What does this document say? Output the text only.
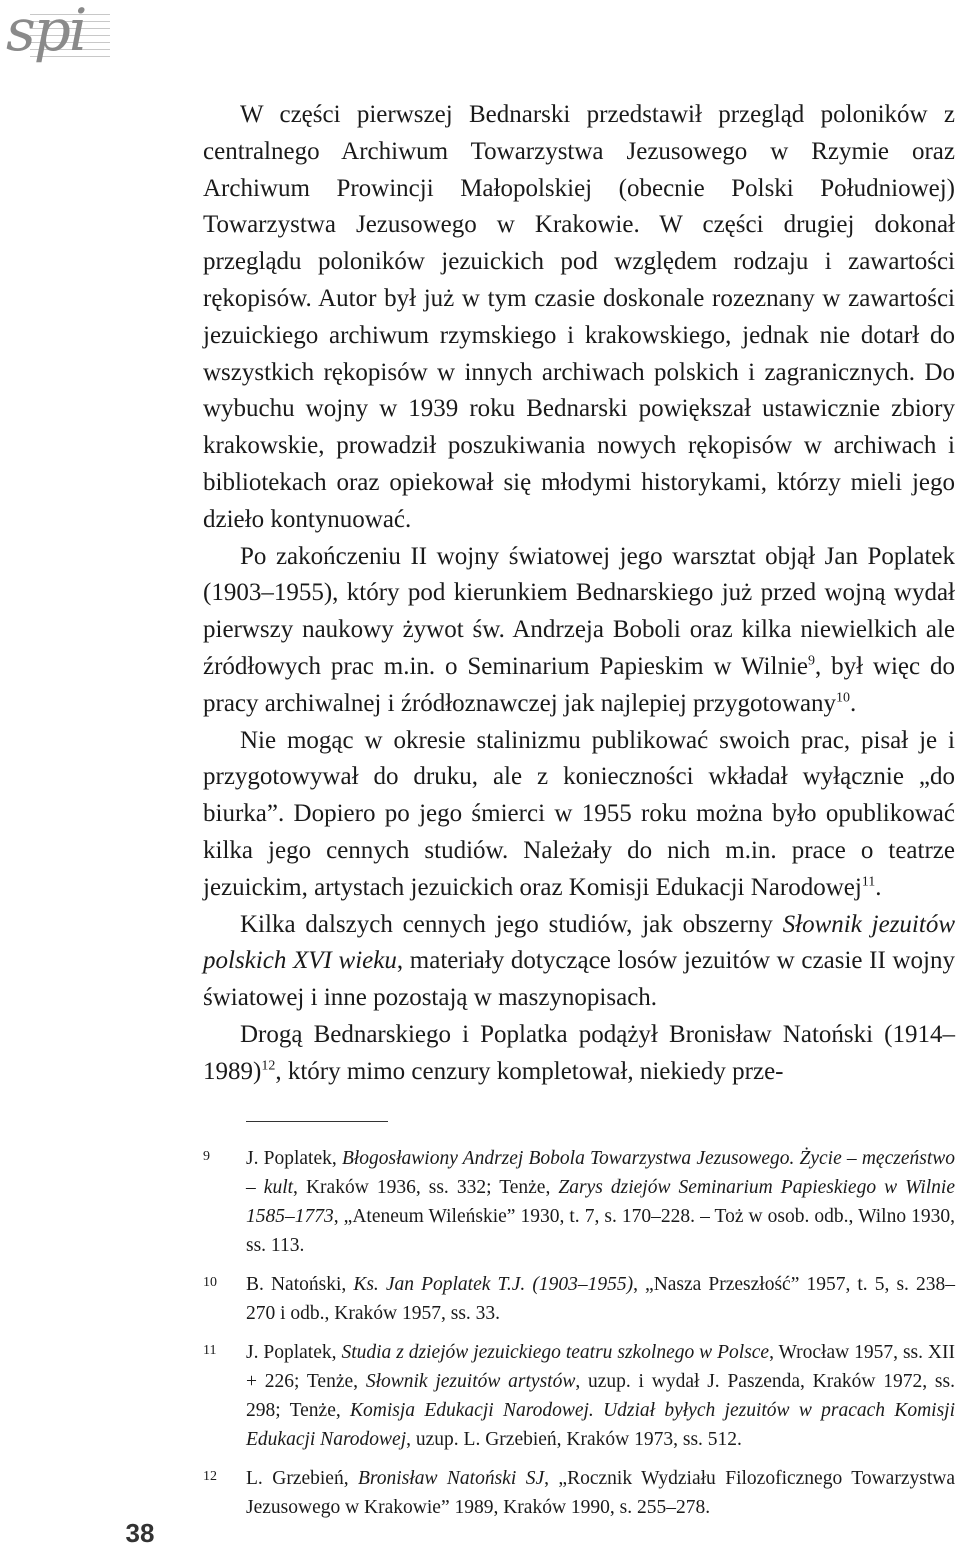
spi

W części pierwszej Bednarski przedstawił przegląd poloników z centralnego Archiwum Towarzystwa Jezusowego w Rzymie oraz Archiwum Prowincji Małopolskiej (obecnie Polski Południowej) Towarzystwa Jezusowego w Krakowie. W części drugiej dokonał przeglądu poloników jezuickich pod względem rodzaju i zawartości rękopisów. Autor był już w tym czasie doskonale rozeznany w zawartości jezuickiego archiwum rzymskiego i krakowskiego, jednak nie dotarł do wszystkich rękopisów w innych archiwach polskich i zagranicznych. Do wybuchu wojny w 1939 roku Bednarski powiększał ustawicznie zbiory krakowskie, prowadził poszukiwania nowych rękopisów w archiwach i bibliotekach oraz opiekował się młodymi historykami, którzy mieli jego dzieło kontynuować.

Po zakończeniu II wojny światowej jego warsztat objął Jan Poplatek (1903–1955), który pod kierunkiem Bednarskiego już przed wojną wydał pierwszy naukowy żywot św. Andrzeja Boboli oraz kilka niewielkich ale źródłowych prac m.in. o Seminarium Papieskim w Wilnie$^9$, był więc do pracy archiwalnej i źródłoznawczej jak najlepiej przygotowany$^{10}$.

Nie mogąc w okresie stalinizmu publikować swoich prac, pisał je i przygotowywał do druku, ale z konieczności wkładał wyłącznie „do biurka”. Dopiero po jego śmierci w 1955 roku można było opublikować kilka jego cennych studiów. Należały do nich m.in. prace o teatrze jezuickim, artystach jezuickich oraz Komisji Edukacji Narodowej$^{11}$.

Kilka dalszych cennych jego studiów, jak obszerny Słownik jezuitów polskich XVI wieku, materiały dotyczące losów jezuitów w czasie II wojny światowej i inne pozostają w maszynopisach.

Drogą Bednarskiego i Poplatka podążył Bronisław Natoński (1914–1989)$^{12}$, który mimo cenzury kompletował, niekiedy prze-

9 J. Poplatek, Błogosławiony Andrzej Bobola Towarzystwa Jezusowego. Życie – męczeństwo – kult, Kraków 1936, ss. 332; Tenże, Zarys dziejów Seminarium Papieskiego w Wilnie 1585–1773, „Ateneum Wileńskie” 1930, t. 7, s. 170–228. – Toż w osob. odb., Wilno 1930, ss. 113.
10 B. Natoński, Ks. Jan Poplatek T.J. (1903–1955), „Nasza Przeszłość” 1957, t. 5, s. 238–270 i odb., Kraków 1957, ss. 33.
11 J. Poplatek, Studia z dziejów jezuickiego teatru szkolnego w Polsce, Wrocław 1957, ss. XII + 226; Tenże, Słownik jezuitów artystów, uzup. i wydał J. Paszenda, Kraków 1972, ss. 298; Tenże, Komisja Edukacji Narodowej. Udział byłych jezuitów w pracach Komisji Edukacji Narodowej, uzup. L. Grzebień, Kraków 1973, ss. 512.
12 L. Grzebień, Bronisław Natoński SJ, „Rocznik Wydziału Filozoficznego Towarzystwa Jezusowego w Krakowie” 1989, Kraków 1990, s. 255–278.
38
